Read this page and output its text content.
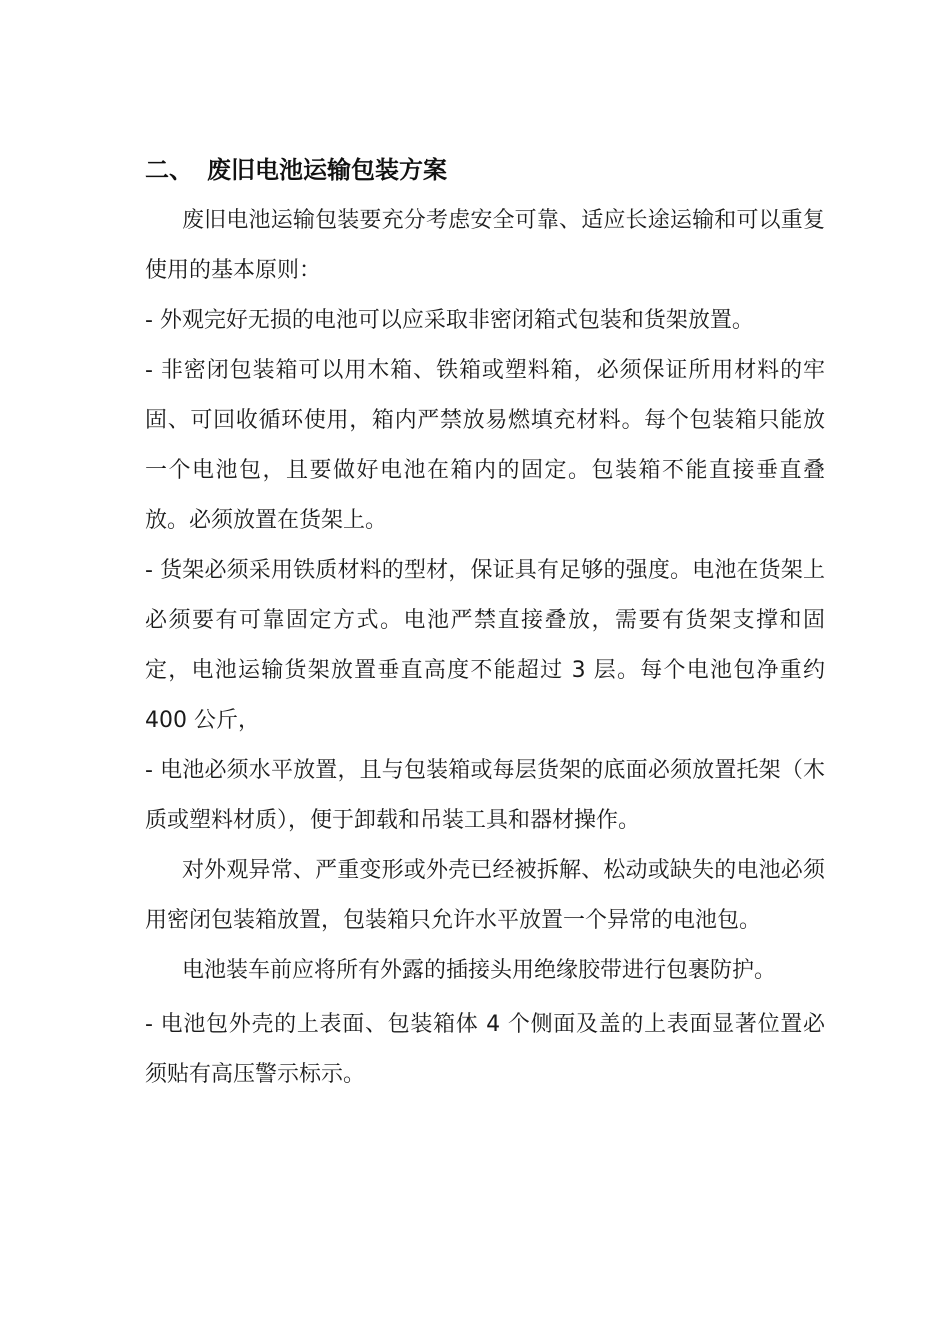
二、 废旧电池运输包装方案

废旧电池运输包装要充分考虑安全可靠、适应长途运输和可以重复使用的基本原则：

- 外观完好无损的电池可以应采取非密闭箱式包装和货架放置。

- 非密闭包装箱可以用木箱、铁箱或塑料箱，必须保证所用材料的牢固、可回收循环使用，箱内严禁放易燃填充材料。每个包装箱只能放一个电池包，且要做好电池在箱内的固定。包装箱不能直接垂直叠放。必须放置在货架上。

- 货架必须采用铁质材料的型材，保证具有足够的强度。电池在货架上必须要有可靠固定方式。电池严禁直接叠放，需要有货架支撑和固定，电池运输货架放置垂直高度不能超过 3 层。每个电池包净重约 400 公斤，

- 电池必须水平放置，且与包装箱或每层货架的底面必须放置托架（木质或塑料材质），便于卸载和吊装工具和器材操作。

对外观异常、严重变形或外壳已经被拆解、松动或缺失的电池必须用密闭包装箱放置，包装箱只允许水平放置一个异常的电池包。

电池装车前应将所有外露的插接头用绝缘胶带进行包裹防护。

- 电池包外壳的上表面、包装箱体 4 个侧面及盖的上表面显著位置必须贴有高压警示标示。
